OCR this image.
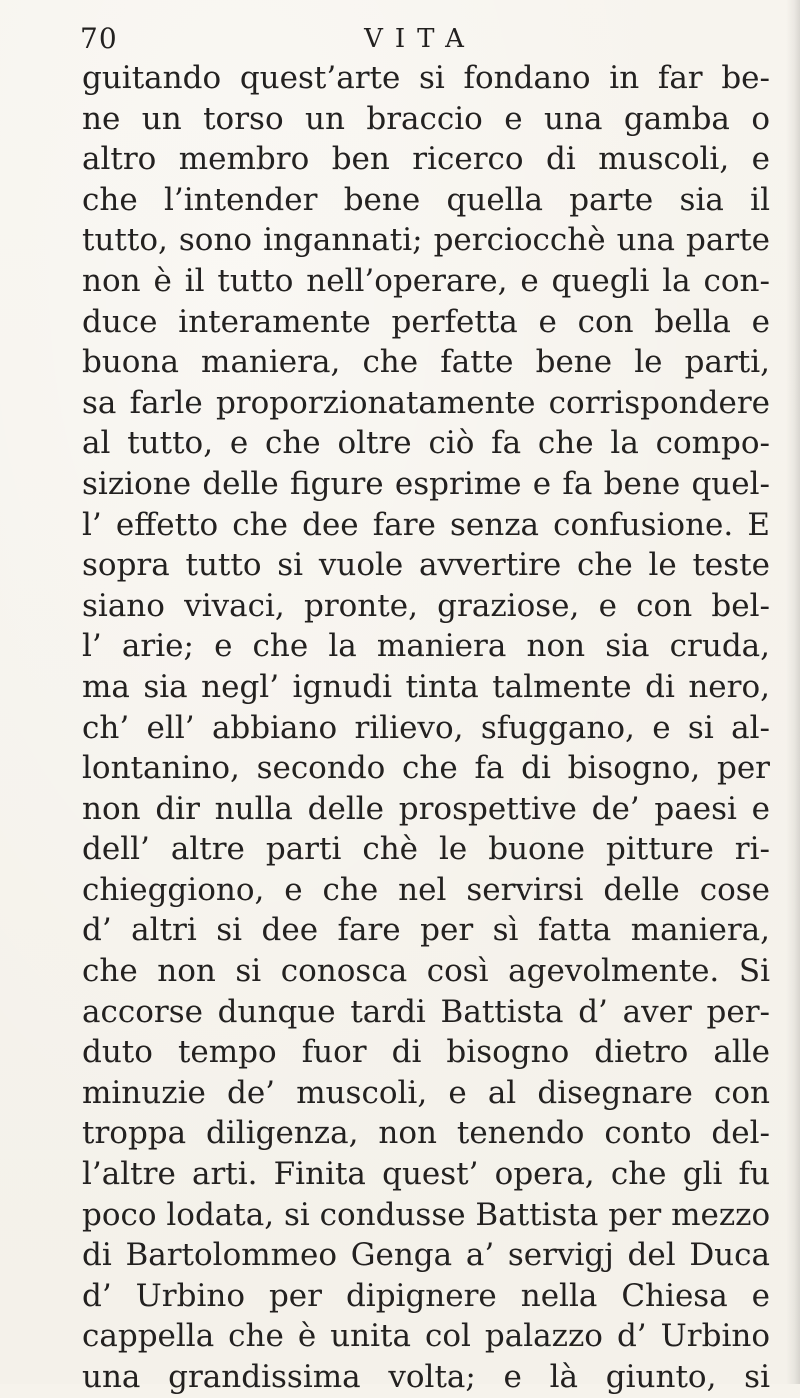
70	VITA
guitando quest’arte si fondano in far be-
ne un torso un braccio e una gamba o
altro membro ben ricerco di muscoli, e
che l’intender bene quella parte sia il
tutto, sono ingannati; perciocchè una parte
non è il tutto nell’operare, e quegli la con-
duce interamente perfetta e con bella e
buona maniera, che fatte bene le parti,
sa farle proporzionatamente corrispondere
al tutto, e che oltre ciò fa che la compo-
sizione delle figure esprime e fa bene quel-
l’ effetto che dee fare senza confusione. E
sopra tutto si vuole avvertire che le teste
siano vivaci, pronte, graziose, e con bel-
l’ arie; e che la maniera non sia cruda,
ma sia negl’ ignudi tinta talmente di nero,
ch’ ell’ abbiano rilievo, sfuggano, e si al-
lontanino, secondo che fa di bisogno, per
non dir nulla delle prospettive de’ paesi e
dell’ altre parti chè le buone pitture ri-
chieggiono, e che nel servirsi delle cose
d’ altri si dee fare per sì fatta maniera,
che non si conosca così agevolmente. Si
accorse dunque tardi Battista d’ aver per-
duto tempo fuor di bisogno dietro alle
minuzie de’ muscoli, e al disegnare con
troppa diligenza, non tenendo conto del-
l’altre arti. Finita quest’ opera, che gli fu
poco lodata, si condusse Battista per mezzo
di Bartolommeo Genga a’ servigj del Duca
d’ Urbino per dipignere nella Chiesa e
cappella che è unita col palazzo d’ Urbino
una grandissima volta; e là giunto, si
